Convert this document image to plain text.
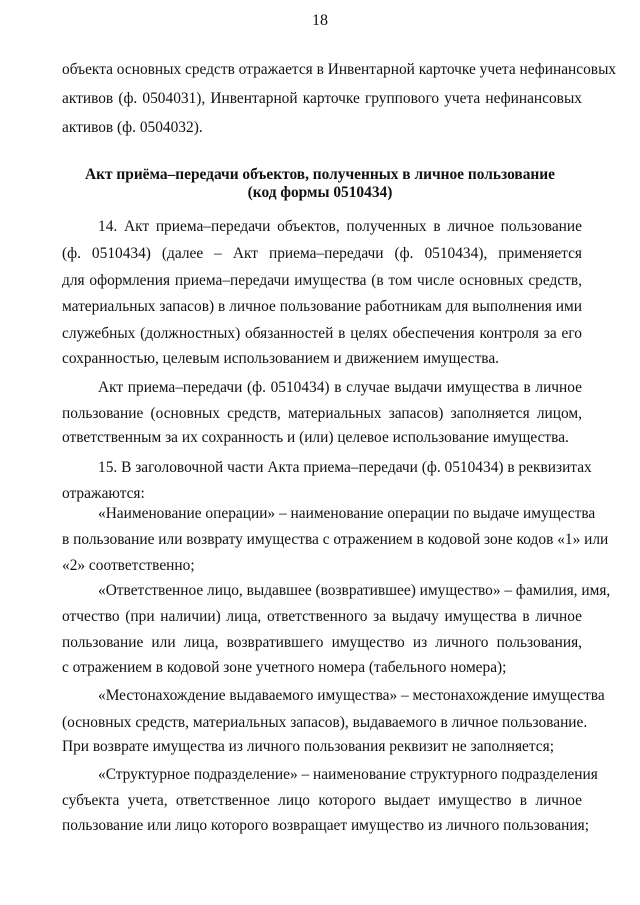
18
объекта основных средств отражается в Инвентарной карточке учета нефинансовых
активов (ф. 0504031), Инвентарной карточке группового учета нефинансовых
активов (ф. 0504032).
Акт приёма–передачи объектов, полученных в личное пользование
(код формы 0510434)
14. Акт приема–передачи объектов, полученных в личное пользование
(ф. 0510434) (далее – Акт приема–передачи (ф. 0510434), применяется
для оформления приема–передачи имущества (в том числе основных средств,
материальных запасов) в личное пользование работникам для выполнения ими
служебных (должностных) обязанностей в целях обеспечения контроля за его
сохранностью, целевым использованием и движением имущества.
Акт приема–передачи (ф. 0510434) в случае выдачи имущества в личное
пользование (основных средств, материальных запасов) заполняется лицом,
ответственным за их сохранность и (или) целевое использование имущества.
15. В заголовочной части Акта приема–передачи (ф. 0510434) в реквизитах
отражаются:
«Наименование операции» – наименование операции по выдаче имущества
в пользование или возврату имущества с отражением в кодовой зоне кодов «1» или
«2» соответственно;
«Ответственное лицо, выдавшее (возвратившее) имущество» – фамилия, имя,
отчество (при наличии) лица, ответственного за выдачу имущества в личное
пользование или лица, возвратившего имущество из личного пользования,
с отражением в кодовой зоне учетного номера (табельного номера);
«Местонахождение выдаваемого имущества» – местонахождение имущества
(основных средств, материальных запасов), выдаваемого в личное пользование.
При возврате имущества из личного пользования реквизит не заполняется;
«Структурное подразделение» – наименование структурного подразделения
субъекта учета, ответственное лицо которого выдает имущество в личное
пользование или лицо которого возвращает имущество из личного пользования;
